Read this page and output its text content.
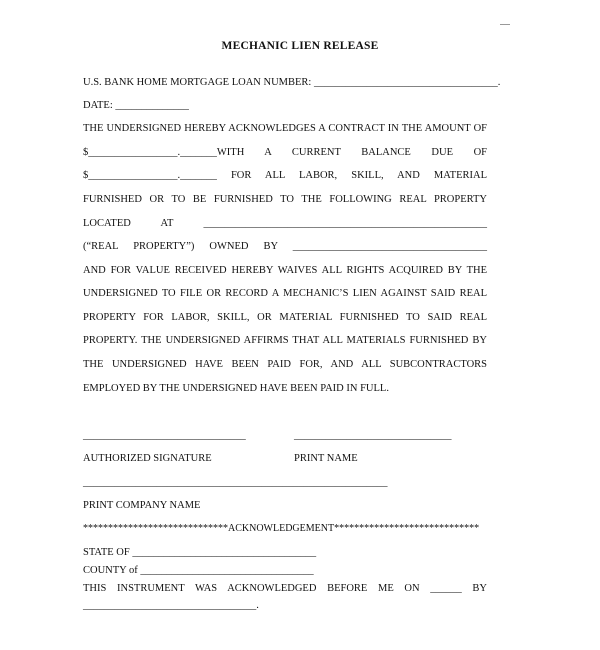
MECHANIC LIEN RELEASE
U.S. BANK HOME MORTGAGE LOAN NUMBER: ___________________________________.
DATE: ______________
THE UNDERSIGNED HEREBY ACKNOWLEDGES A CONTRACT IN THE AMOUNT OF
$_________________._______WITH A CURRENT BALANCE DUE OF
$_________________._______ FOR ALL LABOR, SKILL, AND MATERIAL
FURNISHED OR TO BE FURNISHED TO THE FOLLOWING REAL PROPERTY
LOCATED AT ______________________________________________________
(“REAL PROPERTY”) OWNED BY _____________________________________
AND FOR VALUE RECEIVED HEREBY WAIVES ALL RIGHTS ACQUIRED BY THE
UNDERSIGNED TO FILE OR RECORD A MECHANIC’S LIEN AGAINST SAID REAL
PROPERTY FOR LABOR, SKILL, OR MATERIAL FURNISHED TO SAID REAL
PROPERTY. THE UNDERSIGNED AFFIRMS THAT ALL MATERIALS FURNISHED BY
THE UNDERSIGNED HAVE BEEN PAID FOR, AND ALL SUBCONTRACTORS
EMPLOYED BY THE UNDERSIGNED HAVE BEEN PAID IN FULL.
_______________________________	______________________________
AUTHORIZED SIGNATURE	PRINT NAME
__________________________________________________________
PRINT COMPANY NAME
*****************************ACKNOWLEDGEMENT*****************************
STATE OF ___________________________________
COUNTY of _________________________________
THIS INSTRUMENT WAS ACKNOWLEDGED BEFORE ME ON ______ BY
_________________________________.
